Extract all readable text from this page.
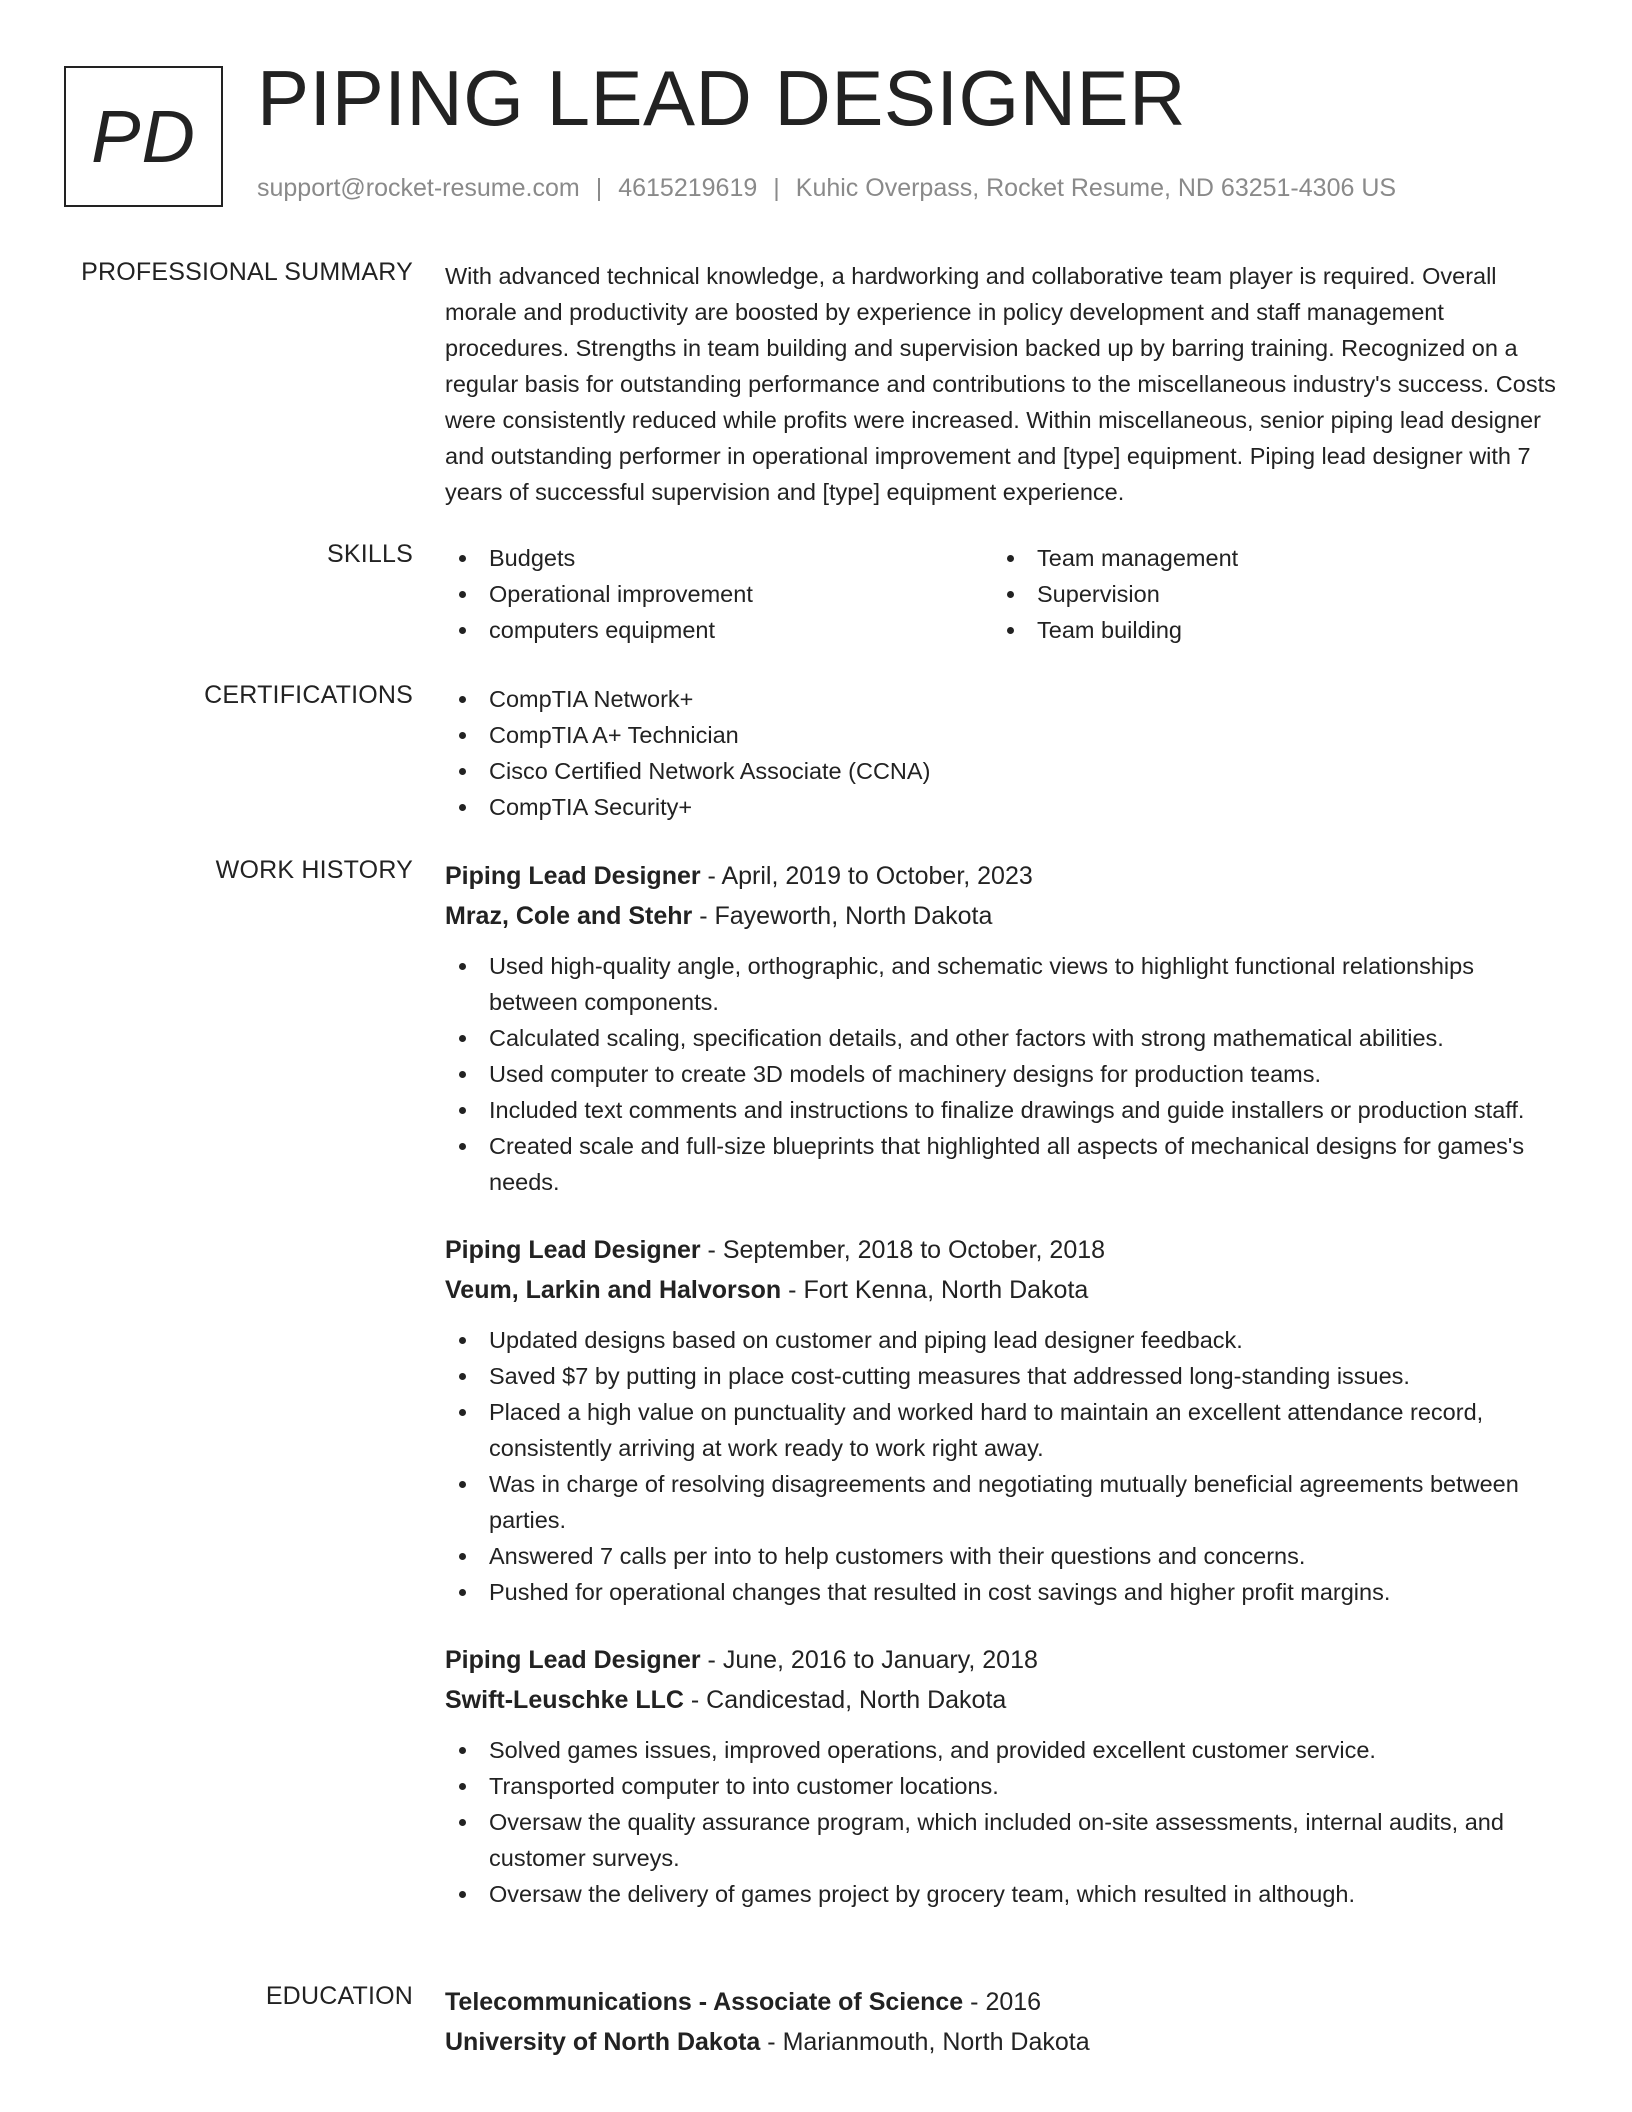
PD PIPING LEAD DESIGNER
support@rocket-resume.com | 4615219619 | Kuhic Overpass, Rocket Resume, ND 63251-4306 US
PROFESSIONAL SUMMARY With advanced technical knowledge, a hardworking and collaborative team player is required. Overall morale and productivity are boosted by experience in policy development and staff management procedures. Strengths in team building and supervision backed up by barring training. Recognized on a regular basis for outstanding performance and contributions to the miscellaneous industry's success. Costs were consistently reduced while profits were increased. Within miscellaneous, senior piping lead designer and outstanding performer in operational improvement and [type] equipment. Piping lead designer with 7 years of successful supervision and [type] equipment experience.
SKILLS	Budgets
Operational improvement
computers equipment
Team management
Supervision
Team building
CERTIFICATIONS	CompTIA Network+
CompTIA A+ Technician
Cisco Certified Network Associate (CCNA)
CompTIA Security+
WORK HISTORY Piping Lead Designer - April, 2019 to October, 2023
Mraz, Cole and Stehr - Fayeworth, North Dakota
Used high-quality angle, orthographic, and schematic views to highlight functional relationships between components.
Calculated scaling, specification details, and other factors with strong mathematical abilities.
Used computer to create 3D models of machinery designs for production teams.
Included text comments and instructions to finalize drawings and guide installers or production staff.
Created scale and full-size blueprints that highlighted all aspects of mechanical designs for games's needs.
Piping Lead Designer - September, 2018 to October, 2018
Veum, Larkin and Halvorson - Fort Kenna, North Dakota
Updated designs based on customer and piping lead designer feedback.
Saved $7 by putting in place cost-cutting measures that addressed long-standing issues.
Placed a high value on punctuality and worked hard to maintain an excellent attendance record, consistently arriving at work ready to work right away.
Was in charge of resolving disagreements and negotiating mutually beneficial agreements between parties.
Answered 7 calls per into to help customers with their questions and concerns.
Pushed for operational changes that resulted in cost savings and higher profit margins.
Piping Lead Designer - June, 2016 to January, 2018
Swift-Leuschke LLC - Candicestad, North Dakota
Solved games issues, improved operations, and provided excellent customer service.
Transported computer to into customer locations.
Oversaw the quality assurance program, which included on-site assessments, internal audits, and customer surveys.
Oversaw the delivery of games project by grocery team, which resulted in although.
EDUCATION Telecommunications - Associate of Science - 2016
University of North Dakota - Marianmouth, North Dakota
